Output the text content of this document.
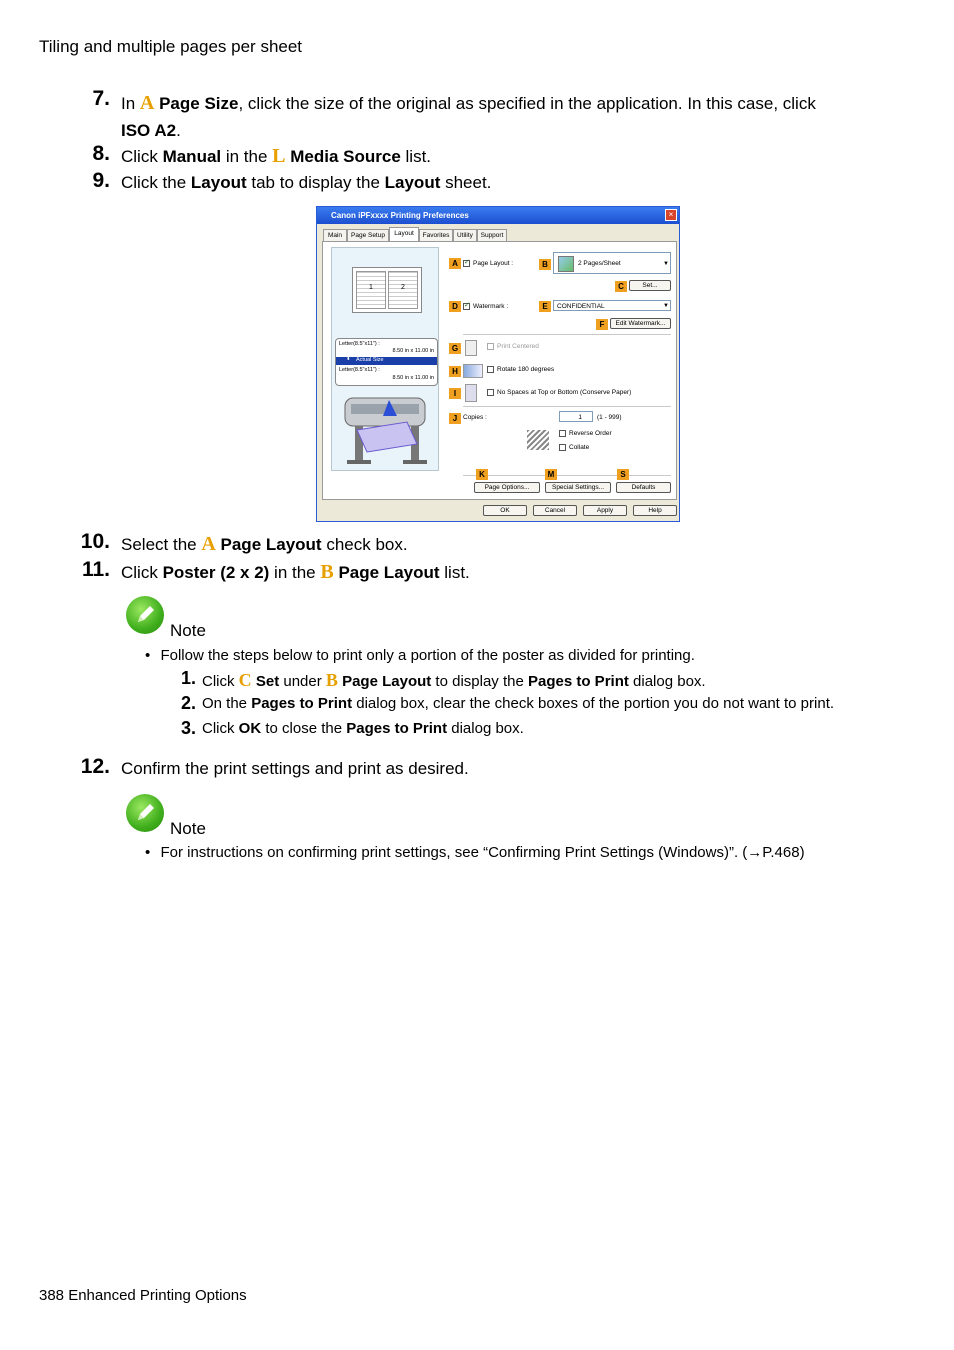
Tiling and multiple pages per sheet
7. In A Page Size, click the size of the original as specified in the application. In this case, click
ISO A2.
8. Click Manual in the L Media Source list.
9. Click the Layout tab to display the Layout sheet.
Canon iPFxxxx Printing Preferences	×
Main	Page Setup	Layout	Favorites	Utility	Support
1	2
Letter(8.5"x11") :
8.50 in x 11.00 in
⬇ Actual Size
Letter(8.5"x11") :
8.50 in x 11.00 in
A ✓	Page Layout :	B	2 Pages/Sheet	▼
C	Set...
D ✓	Watermark :	E	CONFIDENTIAL	▼
F	Edit Watermark...
G	Print Centered
H	Rotate 180 degrees
I	No Spaces at Top or Bottom (Conserve Paper)
J Copies :	1	(1 - 999)
Reverse Order
Collate
K	M	S
Page Options...	Special Settings...	Defaults
OK	Cancel	Apply	Help
10. Select the A Page Layout check box.
11. Click Poster (2 x 2) in the B Page Layout list.
Note
• Follow the steps below to print only a portion of the poster as divided for printing.
1. Click C Set under B Page Layout to display the Pages to Print dialog box.
2. On the Pages to Print dialog box, clear the check boxes of the portion you do not want to print.
3. Click OK to close the Pages to Print dialog box.
12. Confirm the print settings and print as desired.
Note
• For instructions on confirming print settings, see “Confirming Print Settings (Windows)”. (→P.468)
388 Enhanced Printing Options
